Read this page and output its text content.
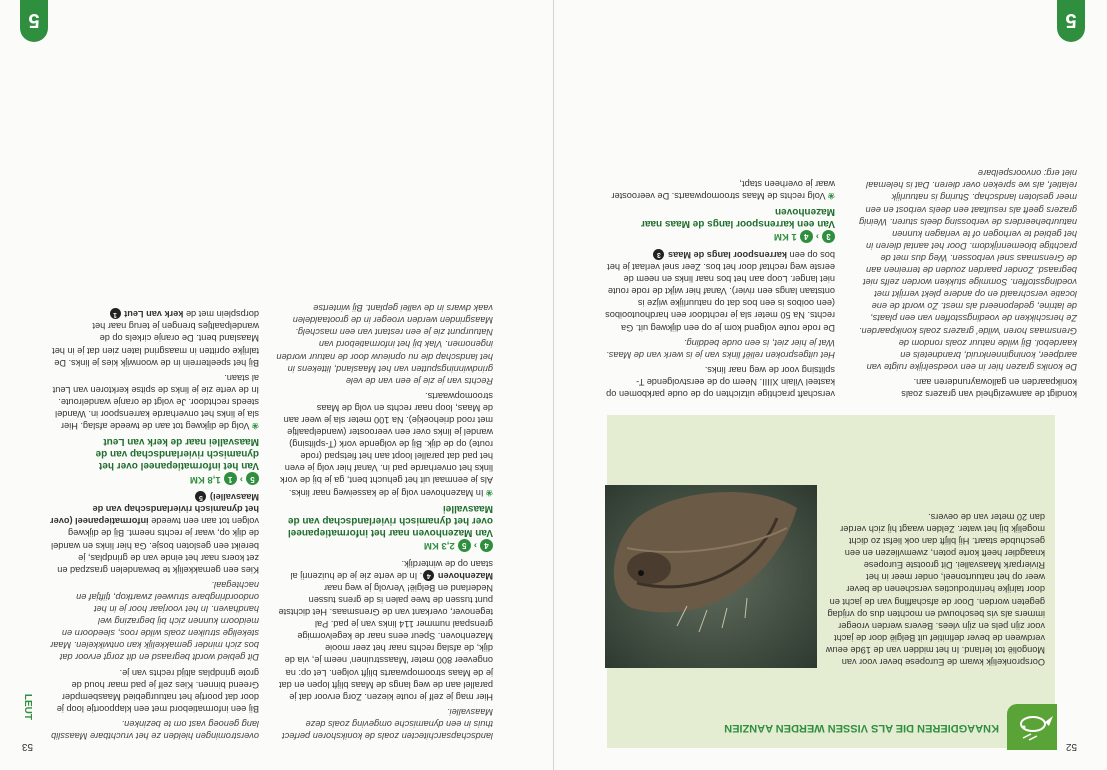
52
5
KNAAGDIEREN DIE ALS VISSEN WERDEN AANZIEN

Oorspronkelijk kwam de Europese bever voor van Mongolië tot Ierland. In het midden van de 19de eeuw verdween de bever definitief uit België door de jacht voor zijn pels en zijn vlees. Bevers werden vroeger immers als vis beschouwd en mochten dus op vrijdag gegeten worden. Door de afschaffing van de jacht en door talrijke herintroducties verschenen de bever weer op het natuurtoneel, onder meer in het Rivierpark Maasvallei. Dit grootste Europese knaagdier heeft korte poten, zwemvliezen en een geschubde staart. Hij blijft dan ook liefst zo dicht mogelijk bij het water. Zelden waagt hij zich verder dan 20 meter van de oevers.

kondigt de aanwezigheid van grazers zoals konikpaarden en gallowayrunderen aan.

De koniks grazen hier in een voedselrijke ruigte van aardpeer, koninginnenkruid, brandnetels en kaardebol. Bij wilde natuur zoals rondom de Grensmaas horen 'wilde' grazers zoals konikpaarden. Ze herschikken de voedingsstoffen van een plaats, de latrine, gedeponeerd als mest. Zo wordt de ene locatie verschraald en op andere plekt verrijkt met voedingsstoffen. Sommige stukken worden zelfs niet begraasd. Zonder paarden zouden de terreinen aan de Grensmaas snel verbossen. Weg dus met de prachtige bloemenrijkdom. Door het aantal dieren in het gebied te verhogen of te verlagen kunnen natuurbeheerders de verbossing deels sturen. Weinig grazers geeft als resultaat een deels verbost en een meer gesloten landschap. Sturing is natuurlijk relatief, als we spreken over dieren. Dat is helemaal niet erg: onvoorspelbare

verschaft prachtige uitzichten op de oude parkbomen op kasteel Vilain XIIII. Neem op de eerstvolgende T-splitsing voor de weg naar links.

Het uitgesproken reliëf links van je is werk van de Maas. Wat je hier ziet, is een oude bedding.

De rode route volgend kom je op een dijkweg uit. Ga rechts. Na 50 meter sla je rechtdoor een hardhoutooibos (een ooibos is een bos dat op natuurlijke wijze is ontstaan langs een rivier). Vanaf hier wijkt de rode route niet langer. Loop aan het bos naar links en neem de eerste weg rechtaf door het bos. Zeer snel verlaat je het bos op een karrenspoor langs de Maas 3

3
›
4
1 KM

Van een karrenspoor langs de Maas naar Mazenhoven

❀Volg rechts de Maas stroomopwaarts. De veerooster waar je overheen stapt,

53
5
LEUT

landschapsarchitecten zoals de konikshoren perfect thuis in een dynamische omgeving zoals deze Maasvallei.

Hier mag je zelf je route kiezen. Zorg ervoor dat je parallel aan de weg langs de Maas blijft lopen en dat je de Maas stroomopwaarts blijft volgen. Let op: na ongeveer 800 meter 'Maasstruinen' neem je, via de dijk, de afslag rechts naar het zeer mooie Mazenhoven. Speur eens naar de kegelvormige grenspaal nummer 114 links van je pad. Pal tegenover, overkant van de Grensmaas. Het dichtste punt tussen de twee palen is de grens tussen Nederland en België! Vervolg je weg naar Mazenhoven 4. In de verte zie je de huizenrij al staan op de winterdijk.

4
›
5
2,3 KM

Van Mazenhoven naar het informatiepaneel over het dynamisch rivierlandschap van de Maasvallei

❀In Mazenhoven volg je de kasseiweg naar links. Als je eenmaal uit het gehucht bent, ga je bij de vork links het onverharde pad in. Vanaf hier volg je even het pad dat parallel loopt aan het fietspad (rode route) op de dijk. Bij de volgende vork (T-splitsing) wandel je links over een veerooster (wandelpaaltje met rood driehoekje). Na 100 meter sla je weer aan de Maas, loop naar rechts en volg de Maas stroomopwaarts.

Rechts van je zie je een van de vele grindwinningsputten van het Maasland, littekens in het landschap die nu opnieuw door de natuur worden ingenomen. Vlak bij het informatiebord van Natuurpunt zie je een restant van een maschelg. Maasgrinden werden vroeger in de grootaaldelen vaak dwars in de vallei geplant. Bij wintertse

overstromingen hielden ze het vruchtbare Maasslib lang genoeg vast om te bezinken.

Bij een informatiebord met een klappoortje loop je door dat poortje het natuurgebied Maasbempder Greend binnen. Kies zelf je pad maar houd de grote grindplas altijd rechts van je.

Dit gebied wordt begraasd en dit zorgt ervoor dat bos zich minder gemakkelijk kan ontwikkelen. Maar stekelige struiken zoals wilde roos, sleedoorn en meidoorn kunnen zich bij begrazing wel handhaven. In het voorjaar hoor je in het ondoordringbare struweel zwartkop, tjiftjaf en nachtegaal.

Kies een gemakkelijk te bewandelen graszpad en zet koers naar het einde van de grindplas, je bereikt een gesloten bosje. Ga hier links en wandel de dijk op, waar je rechts neemt. Bij de dijkweg volgen tot aan een tweede informatiepaneel (over het dynamisch rivierlandschap van de Maasvallei) 5

5
›
1
1,8 KM

Van het informatiepaneel over het dynamisch rivierlandschap van de Maasvallei naar de kerk van Leut

❀Volg de dijkweg tot aan de tweede afslag. Hier sla je links het onverharde karrenspoor in. Wandel steeds rechtdoor. Je volgt de oranje wandelroute. In de verte zie je links de spitse kerktoren van Leut al staan.

Bij het speelterrein in de woonwijk kies je links. De talrijke opritten in maasgrind laten zien dat je in het Maasland bent. De oranje cirkels op de wandelpaaltjes brengen je terug naar het dorpsplein met de kerk van Leut 1
